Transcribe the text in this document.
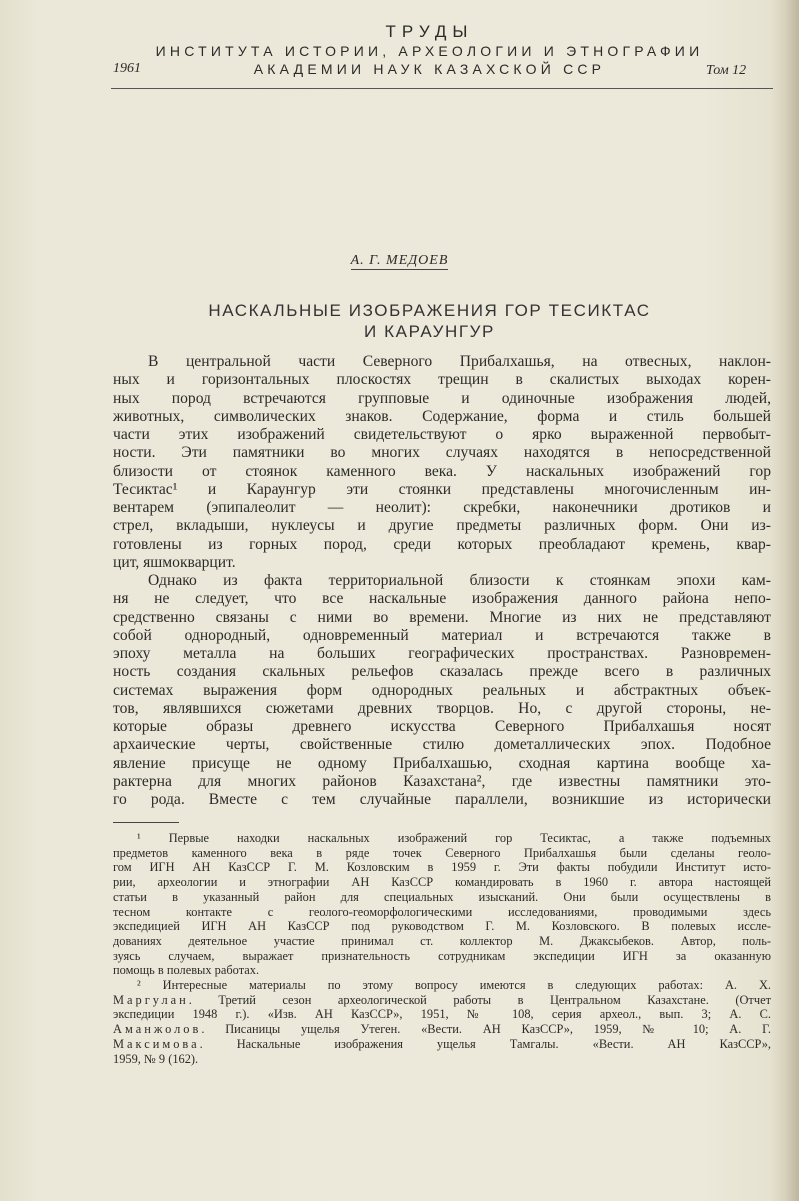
ТРУДЫ
ИНСТИТУТА ИСТОРИИ, АРХЕОЛОГИИ И ЭТНОГРАФИИ
АКАДЕМИИ НАУК КАЗАХСКОЙ ССР
1961	Том 12
А. Г. МЕДОЕВ
НАСКАЛЬНЫЕ ИЗОБРАЖЕНИЯ ГОР ТЕСИКТАС
И КАРАУНГУР
В центральной части Северного Прибалхашья, на отвесных, наклон-
ных и горизонтальных плоскостях трещин в скалистых выходах корен-
ных пород встречаются групповые и одиночные изображения людей,
животных, символических знаков. Содержание, форма и стиль большей
части этих изображений свидетельствуют о ярко выраженной первобыт-
ности. Эти памятники во многих случаях находятся в непосредственной
близости от стоянок каменного века. У наскальных изображений гор
Тесиктас¹ и Караунгур эти стоянки представлены многочисленным ин-
вентарем (эпипалеолит — неолит): скребки, наконечники дротиков и
стрел, вкладыши, нуклеусы и другие предметы различных форм. Они из-
готовлены из горных пород, среди которых преобладают кремень, квар-
цит, яшмокварцит.
Однако из факта территориальной близости к стоянкам эпохи кам-
ня не следует, что все наскальные изображения данного района непо-
средственно связаны с ними во времени. Многие из них не представляют
собой однородный, одновременный материал и встречаются также в
эпоху металла на больших географических пространствах. Разновремен-
ность создания скальных рельефов сказалась прежде всего в различных
системах выражения форм однородных реальных и абстрактных объек-
тов, являвшихся сюжетами древних творцов. Но, с другой стороны, не-
которые образы древнего искусства Северного Прибалхашья носят
архаические черты, свойственные стилю дометаллических эпох. Подобное
явление присуще не одному Прибалхашью, сходная картина вообще ха-
рактерна для многих районов Казахстана², где известны памятники это-
го рода. Вместе с тем случайные параллели, возникшие из исторически
¹ Первые находки наскальных изображений гор Тесиктас, а также подъемных
предметов каменного века в ряде точек Северного Прибалхашья были сделаны геоло-
гом ИГН АН КазССР Г. М. Козловским в 1959 г. Эти факты побудили Институт исто-
рии, археологии и этнографии АН КазССР командировать в 1960 г. автора настоящей
статьи в указанный район для специальных изысканий. Они были осуществлены в
тесном контакте с геолого-геоморфологическими исследованиями, проводимыми здесь
экспедицией ИГН АН КазССР под руководством Г. М. Козловского. В полевых иссле-
дованиях деятельное участие принимал ст. коллектор М. Джаксыбеков. Автор, поль-
зуясь случаем, выражает признательность сотрудникам экспедиции ИГН за оказанную
помощь в полевых работах.
² Интересные материалы по этому вопросу имеются в следующих работах: А. Х.
Маргулан. Третий сезон археологической работы в Центральном Казахстане. (Отчет
экспедиции 1948 г.). «Изв. АН КазССР», 1951, № 108, серия археол., вып. 3; А. С.
Аманжолов. Писаницы ущелья Утеген. «Вести. АН КазССР», 1959, № 10; А. Г.
Максимова. Наскальные изображения ущелья Тамгалы. «Вести. АН КазССР»,
1959, № 9 (162).
